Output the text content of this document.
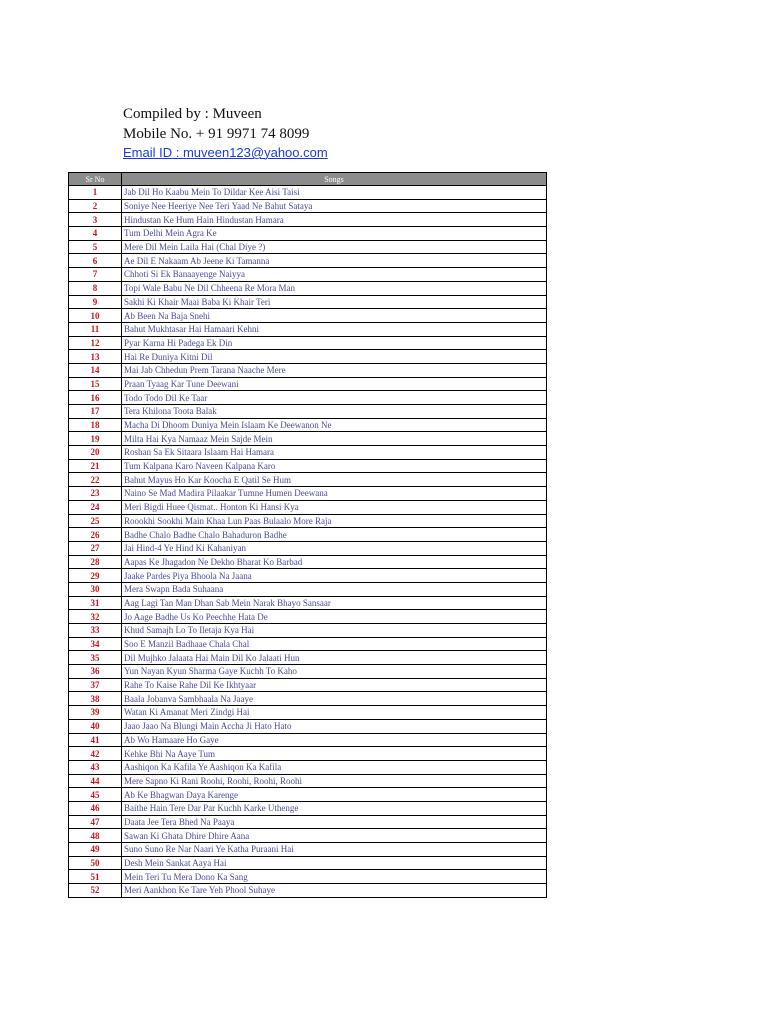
Compiled by : Muveen
Mobile No. + 91 9971 74 8099
Email ID : muveen123@yahoo.com
Sr No	Songs
1	Jab Dil Ho Kaabu Mein To Dildar Kee Aisi Taisi
2	Soniye Nee Heeriye Nee Teri Yaad Ne Bahut Sataya
3	Hindustan Ke Hum Hain Hindustan Hamara
4	Tum Delhi Mein Agra Ke
5	Mere Dil Mein Laila Hai (Chal Diye ?)
6	Ae Dil E Nakaam Ab Jeene Ki Tamanna
7	Chhoti Si Ek Banaayenge Naiyya
8	Topi Wale Babu Ne Dil Chheena Re Mora Man
9	Sakhi Ki Khair Maai Baba Ki Khair Teri
10	Ab Been Na Baja Snehi
11	Bahut Mukhtasar Hai Hamaari Kehni
12	Pyar Karna Hi Padega Ek Din
13	Hai Re Duniya Kitni Dil
14	Mai Jab Chhedun Prem Tarana Naache Mere
15	Praan Tyaag Kar Tune Deewani
16	Todo Todo Dil Ke Taar
17	Tera Khilona Toota Balak
18	Macha Di Dhoom Duniya Mein Islaam Ke Deewanon Ne
19	Milta Hai Kya Namaaz Mein Sajde Mein
20	Roshan Sa Ek Sitaara Islaam Hai Hamara
21	Tum Kalpana Karo Naveen Kalpana Karo
22	Bahut Mayus Ho Kar Koocha E Qatil Se Hum
23	Naino Se Mad Madira Pilaakar Tumne Humen Deewana
24	Meri Bigdi Huee Qismat.. Honton Ki Hansi Kya
25	Roookhi Sookhi Main Khaa Lun Paas Bulaalo More Raja
26	Badhe Chalo Badhe Chalo Bahaduron Badhe
27	Jai Hind-4 Ye Hind Ki Kahaniyan
28	Aapas Ke Jhagadon Ne Dekho Bharat Ko Barbad
29	Jaake Pardes Piya Bhoola Na Jaana
30	Mera Swapn Bada Suhaana
31	Aag Lagi Tan Man Dhan Sab Mein Narak Bhayo Sansaar
32	Jo Aage Badhe Us Ko Peechhe Hata De
33	Khud Samajh Lo To Iletaja Kya Hai
34	Soo E Manzil Badhaae Chala Chal
35	Dil Mujhko Jalaata Hai Main Dil Ko Jalaati Hun
36	Yun Nayan Kyun Sharma Gaye Kuchh To Kaho
37	Rahe To Kaise Rahe Dil Ke Ikhtyaar
38	Baala Jobanva Sambhaala Na Jaaye
39	Watan Ki Amanat Meri Zindgi Hai
40	Jaao Jaao Na Blungi Main Accha Ji Hato Hato
41	Ab Wo Hamaare Ho Gaye
42	Kehke Bhi Na Aaye Tum
43	Aashiqon Ka Kafila Ye Aashiqon Ka Kafila
44	Mere Sapno Ki Rani Roohi, Roohi, Roohi, Roohi
45	Ab Ke Bhagwan Daya Karenge
46	Baithe Hain Tere Dar Par Kuchh Karke Uthenge
47	Daata Jee Tera Bhed Na Paaya
48	Sawan Ki Ghata Dhire Dhire Aana
49	Suno Suno Re Nar Naari Ye Katha Puraani Hai
50	Desh Mein Sankat Aaya Hai
51	Mein Teri Tu Mera Dono Ka Sang
52	Meri Aankhon Ke Tare Yeh Phool Suhaye
